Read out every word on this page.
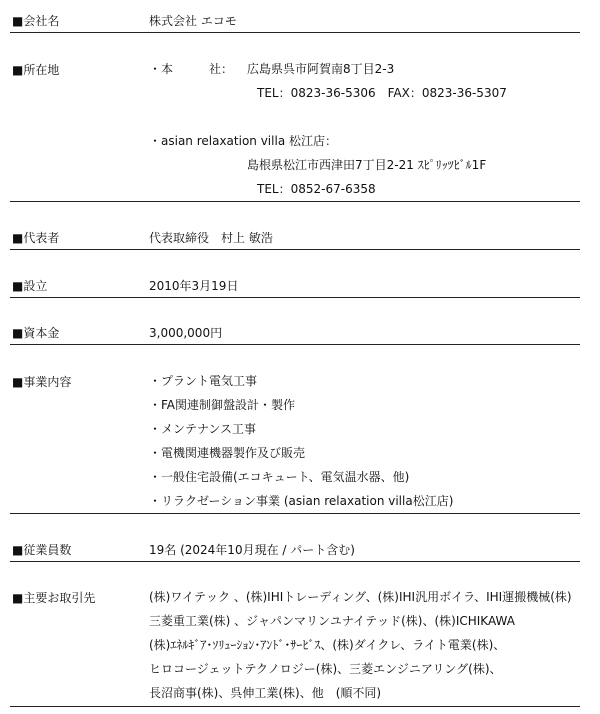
■会社名	株式会社 エコモ
■所在地	・本　　　社： 広島県呉市阿賀南8丁目2-3
TEL：0823-36-5306　FAX：0823-36-5307
・asian relaxation villa 松江店：
島根県松江市西津田7丁目2-21 ｽﾋﾟﾘｯﾂﾋﾞﾙ1F
TEL：0852-67-6358
■代表者	代表取締役　村上 敏浩
■設立	2010年3月19日
■資本金	3,000,000円
■事業内容	・プラント電気工事
・FA関連制御盤設計・製作
・メンテナンス工事
・電機関連機器製作及び販売
・一般住宅設備(エコキュート、電気温水器、他)
・リラクゼーション事業 (asian relaxation villa松江店)
■従業員数	19名 (2024年10月現在 / パート含む)
■主要お取引先	(株)ワイテック 、(株)IHIトレーディング、(株)IHI汎用ボイラ、IHI運搬機械(株)
三菱重工業(株) 、ジャパンマリンユナイテッド(株)、(株)ICHIKAWA
(株)ｴﾈﾙｷﾞｱ･ｿﾘｭｰｼｮﾝ･ｱﾝﾄﾞ･ｻｰﾋﾞｽ、(株)ダイクレ、ライト電業(株)、
ヒロコージェットテクノロジー(株)、三菱エンジニアリング(株)、
長沼商事(株)、呉伸工業(株)、他　(順不同)
